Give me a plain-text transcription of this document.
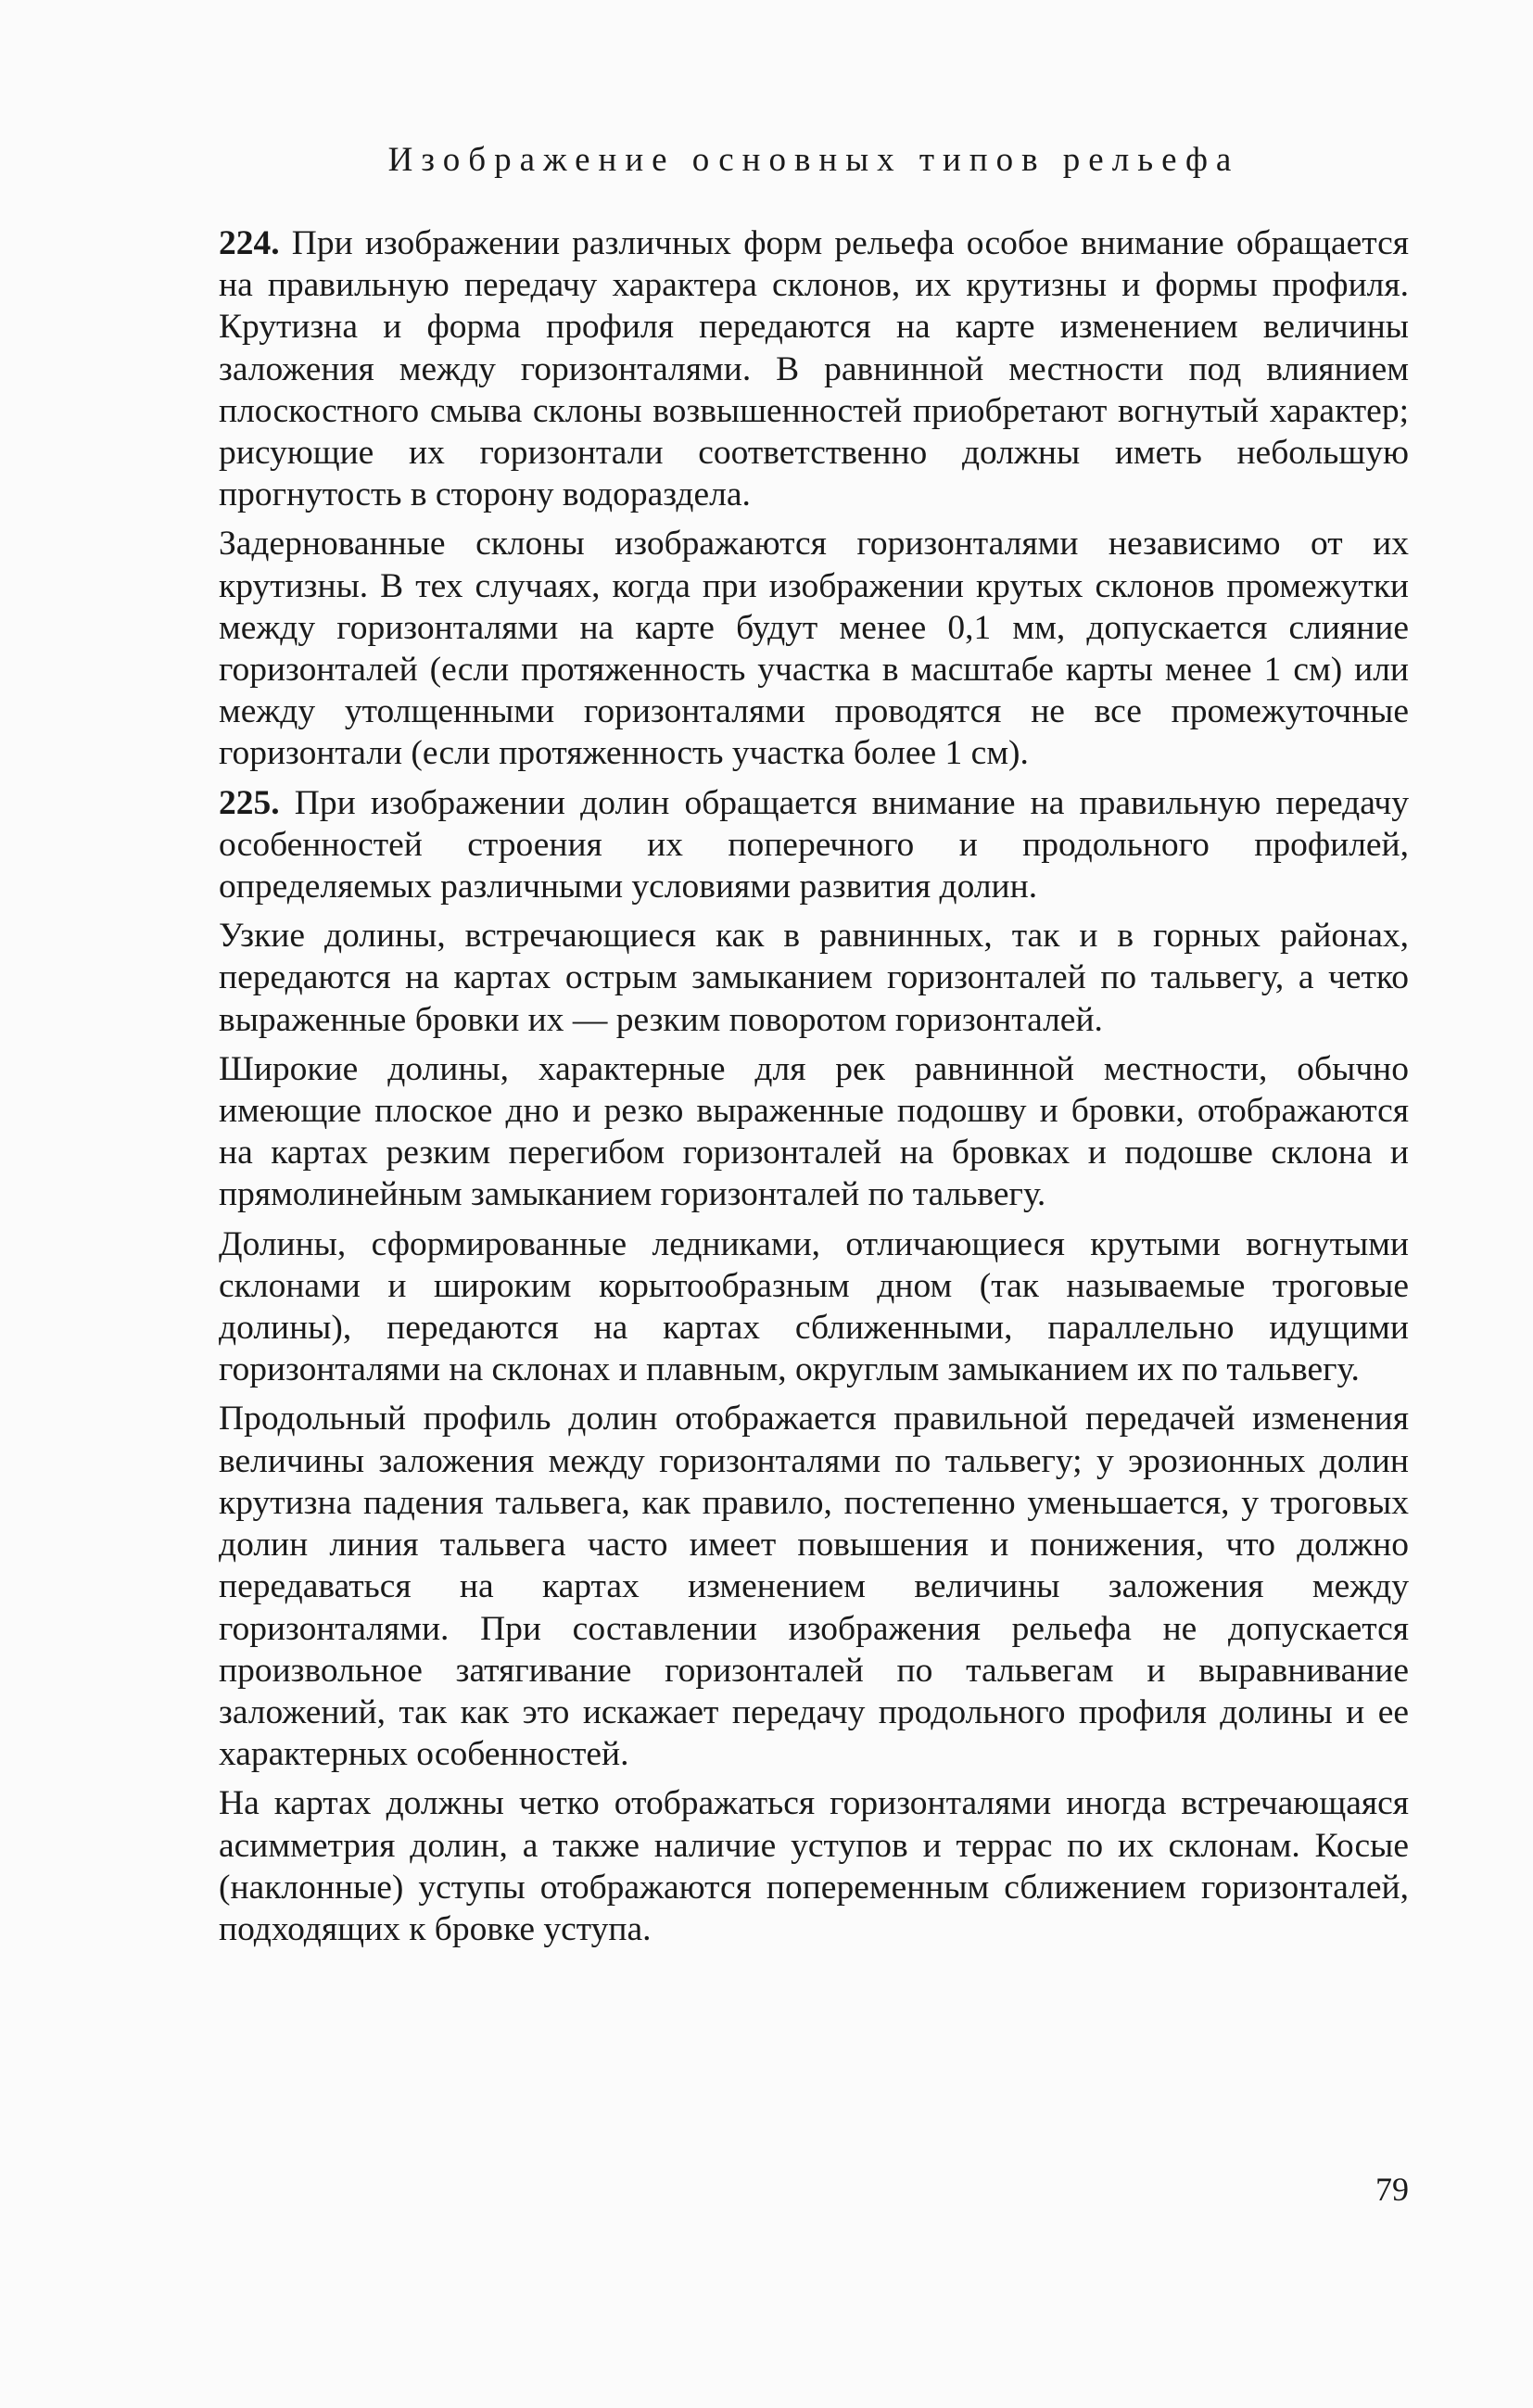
Изображение основных типов рельефа

224. При изображении различных форм рельефа особое внимание обращается на правильную передачу характера склонов, их крутизны и формы профиля. Крутизна и форма профиля передаются на карте изменением величины заложения между горизонталями. В равнинной местности под влиянием плоскостного смыва склоны возвышенностей приобретают вогнутый характер; рисующие их горизонтали соответственно должны иметь небольшую прогнутость в сторону водораздела.

Задернованные склоны изображаются горизонталями независимо от их крутизны. В тех случаях, когда при изображении крутых склонов промежутки между горизонталями на карте будут менее 0,1 мм, допускается слияние горизонталей (если протяженность участка в масштабе карты менее 1 см) или между утолщенными горизонталями проводятся не все промежуточные горизонтали (если протяженность участка более 1 см).

225. При изображении долин обращается внимание на правильную передачу особенностей строения их поперечного и продольного профилей, определяемых различными условиями развития долин.

Узкие долины, встречающиеся как в равнинных, так и в горных районах, передаются на картах острым замыканием горизонталей по тальвегу, а четко выраженные бровки их — резким поворотом горизонталей.

Широкие долины, характерные для рек равнинной местности, обычно имеющие плоское дно и резко выраженные подошву и бровки, отображаются на картах резким перегибом горизонталей на бровках и подошве склона и прямолинейным замыканием горизонталей по тальвегу.

Долины, сформированные ледниками, отличающиеся крутыми вогнутыми склонами и широким корытообразным дном (так называемые троговые долины), передаются на картах сближенными, параллельно идущими горизонталями на склонах и плавным, округлым замыканием их по тальвегу.

Продольный профиль долин отображается правильной передачей изменения величины заложения между горизонталями по тальвегу; у эрозионных долин крутизна падения тальвега, как правило, постепенно уменьшается, у троговых долин линия тальвега часто имеет повышения и понижения, что должно передаваться на картах изменением величины заложения между горизонталями. При составлении изображения рельефа не допускается произвольное затягивание горизонталей по тальвегам и выравнивание заложений, так как это искажает передачу продольного профиля долины и ее характерных особенностей.

На картах должны четко отображаться горизонталями иногда встречающаяся асимметрия долин, а также наличие уступов и террас по их склонам. Косые (наклонные) уступы отображаются попеременным сближением горизонталей, подходящих к бровке уступа.

79
